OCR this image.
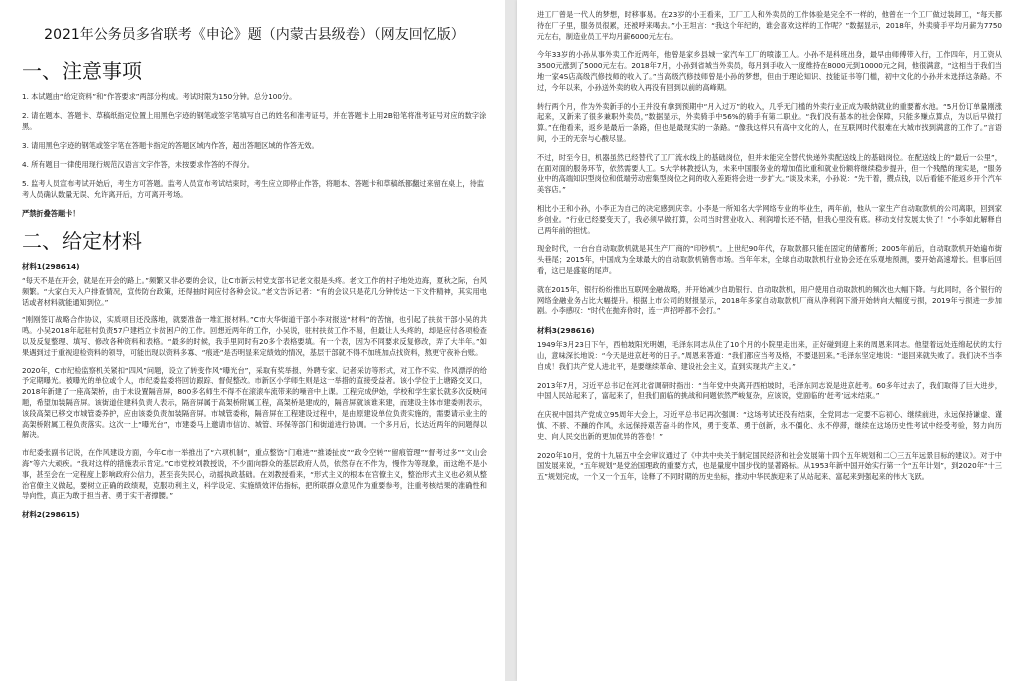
2021年公务员多省联考《申论》题（内蒙古县级卷）（网友回忆版）
一、注意事项

1. 本试题由“给定资料”和“作答要求”两部分构成。考试时限为150分钟。总分100分。

2. 请在题本、答题卡、草稿纸指定位置上用黑色字迹的钢笔或签字笔填写自己的姓名和准考证号，并在答题卡上用2B铅笔将准考证号对应的数字涂黑。

3. 请用黑色字迹的钢笔或签字笔在答题卡指定的答题区域内作答，超出答题区域的作答无效。

4. 所有题目一律使用现行规范汉语言文字作答，未按要求作答的不得分。

5. 监考人员宣布考试开始后，考生方可答题。监考人员宣布考试结束时，考生应立即停止作答，将题本、答题卡和草稿纸都翻过来留在桌上，待监考人员确认数量无误、允许离开后，方可离开考场。

严禁折叠答题卡！

二、给定材料
材料1(298614)

“每天不是在开会，就是在开会的路上。”频繁又非必要的会议，让C市新云村党支部书记老文很是头疼。老文工作的村子地处边海，夏秋之际，台风频繁。“大家白天入户排查情况，宣传防台政策，还得抽时间应付各种会议。”老文告诉记者：“有的会议只是花几分钟传达一下文件精神，其实用电话或者材料就能通知到位。”

“刚刚签订战略合作协议，实质项目还没落地，就要准备一堆汇报材料。”C市大华街道干部小李对报送“材料”的苦恼，也引起了扶贫干部小吴的共鸣。小吴2018年起驻村负责57户建档立卡贫困户的工作。回想近两年的工作，小吴说，驻村扶贫工作不易，但最让人头疼的，却是应付各项检查以及反复整理、填写、修改各种资料和表格。“最多的时候，我手里同时有20多个表格要填。有一个表，因为不同要求反复修改，弄了大半年。”如果遇到过于重视迎检资料的领导，可能出现以资料多寡、“痕迹”是否明显来定绩效的情况，基层干部就不得不加班加点找资料，熬更守夜补台账。

2020年，C市纪检监察机关紧扣“四风”问题，设立了转变作风“曝光台”，采取有奖举报、外聘专家、记者采访等形式，对工作不实、作风漂浮的给予定期曝光。被曝光的单位或个人，市纪委监委将回访跟踪、督促整改。市新区小学师生则是这一举措的直接受益者。该小学位于上塘路交叉口，2018年新建了一座高架桥，由于未设置隔音屏，800多名师生不得不在滚滚车流带来的噪音中上课。工程完成伊始，学校和学生家长就多次反映问题，希望加装隔音屏。该街道住建科负责人表示，隔音屏属于高架桥附属工程，高架桥是建成的，隔音屏就该谁来建，而建设主体市建委则表示，该段高架已移交市城管委养护，应由该委负责加装隔音屏。市城管委称，隔音屏在工程建设过程中，是由原建设单位负责实施的，需要请示业主的高架桥附属工程负责落实。这次一上“曝光台”，市建委马上邀请市信访、城管、环保等部门和街道进行协调。一个多月后，长达近两年的问题得以解决。

市纪委张副书记说，在作风建设方面，今年C市一举推出了“六项机制”，重点整饬“门难进”“推诿扯皮”“政令空转”“留痕管理”“督考过多”“文山会海”等六大顽疾。“我对这样的措施表示肯定。”C市党校刘教授说，不少面向群众的基层政府人员，依然存在不作为，慢作为等现象，而这绝不是小事，甚至会在一定程度上影响政府公信力，甚至丧失民心，动摇执政基础。在刘教授看来，“形式主义的根本在官僚主义，整治形式主义也必须从整治官僚主义做起，要树立正确的政绩观，克服功利主义，科学设定、实施绩效评估指标，把所联群众意见作为重要参考，注重考核结果的准确性和导向性，真正为敢于担当者、勇于实干者撑腰。”

材料2(298615)

进工厂曾是一代人的梦想，时移事易。在23岁的小王看来，工厂工人和外卖员的工作体验是完全不一样的，他曾在一个工厂做过装卸工，“每天都待在厂子里，服务员很累，还被呼来喝去。”小王坦言：“我这个年纪的，谁会喜欢这样的工作呢？”数据显示，2018年，外卖骑手平均月薪为7750元左右，制造业员工平均月薪6000元左右。

今年33岁的小孙从事外卖工作近两年，他曾是家乡县城一家汽车工厂的喷漆工人。小孙不是科班出身，最早由师傅带入行，工作四年，月工资从3500元涨到了5000元左右。2018年7月，小孙到省城当外卖员，每月到手收入一度维持在8000元到10000元之间，他很满意，“这相当于我们当地一家4S店高级汽修技师的收入了。”当高级汽修技师曾是小孙的梦想，但由于理论知识、技能证书等门槛，初中文化的小孙并未选择这条路。不过，今年以来，小孙送外卖的收入再没有回到以前的高峰期。

转行两个月，作为外卖新手的小王并没有拿到预期中“月入过万”的收入，几乎无门槛的外卖行业正成为吸纳就业的重要蓄水池。“5月份订单量刚涨起来，又新来了很多兼职外卖员，”数据显示，外卖骑手中56%的骑手有第二职业。“我们没有基本的社会保障，只能多赚点算点，为以后早做打算。”在他看来，返乡是最后一条路，但也是最现实的一条路。“像我这样只有高中文化的人，在互联网时代很难在大城市找到满意的工作了。”言语间，小王的无奈与心酸尽显。

不过，时至今日，机器虽然已经替代了工厂流水线上的基础岗位，但并未能完全替代快递外卖配送线上的基础岗位。在配送线上的“最后一公里”，在面对面的服务环节，依然需要人工。S大学林教授认为，未来中国服务业的增加值比重和就业份额将继续稳步提升，但一个残酷的现实是，“服务业中的高端知识型岗位和低端劳动密集型岗位之间的收入差距将会进一步扩大。”谈及未来，小孙说：“先干着，攒点钱，以后看能不能返乡开个汽车美容店。”

相比小王和小孙，小李正为自己的决定感到庆幸。小李是一所知名大学网络专业的毕业生，两年前，他从一家生产自动取款机的公司离职，回到家乡创业。“行业已经要变天了，我必须早做打算，公司当时营业收入、利润增长还不错，但我心里没有底。移动支付发展太快了！”小李如此解释自己两年前的担忧。

现金时代，一台台自动取款机就是其生产厂商的“印钞机”。上世纪90年代，存取款都只能在固定的储蓄所；2005年前后，自动取款机开始遍布街头巷尾；2015年，中国成为全球最大的自动取款机销售市场。当年年末，全球自动取款机行业协会还在乐观地预测，要开始高速增长。但事后回看，这已是盛宴的尾声。

就在2015年，银行纷纷推出互联网金融战略，并开始减少自助银行、自动取款机，用户使用自动取款机的频次也大幅下降。与此同时，各个银行的网络金融业务占比大幅提升。根据上市公司的财报显示，2018年多家自动取款机厂商从净利润下滑开始转向大幅度亏损，2019年亏损进一步加剧。小李感叹：“时代在抛弃你时，连一声招呼都不会打。”

材料3(298616)

1949年3月23日下午，西柏坡阳光明媚，毛泽东同志从住了10个月的小院里走出来，正好碰到迎上来的周恩来同志。他望着远处连绵起伏的太行山，意味深长地说：“今天是进京赶考的日子。”周恩来答道：“我们都应当考及格，不要退回来。”毛泽东坚定地说：“退回来就失败了。我们决不当李自成！我们共产党人进北平，是要继续革命、建设社会主义，直到实现共产主义。”

2013年7月，习近平总书记在河北省调研时指出：“当年党中央离开西柏坡时，毛泽东同志说是进京赶考。60多年过去了，我们取得了巨大进步，中国人民站起来了，富起来了，但我们面临的挑战和问题依然严峻复杂，应该说，党面临的‘赶考’远未结束。”

在庆祝中国共产党成立95周年大会上，习近平总书记再次强调：“这场考试还没有结束，全党同志一定要不忘初心、继续前进，永远保持谦虚、谨慎、不骄、不躁的作风，永远保持艰苦奋斗的作风，勇于变革、勇于创新，永不僵化、永不停滞，继续在这场历史性考试中经受考验，努力向历史、向人民交出新的更加优异的答卷！”

2020年10月，党的十九届五中全会审议通过了《中共中央关于制定国民经济和社会发展第十四个五年规划和二〇三五年远景目标的建议》。对于中国发展来说，“五年规划”是党治国理政的重要方式，也是量度中国步伐的显著路标。从1953年新中国开始实行第一个“五年计划”，到2020年“十三五”规划完成，一个又一个五年，诠释了不同时期的历史坐标，推动中华民族迎来了从站起来、富起来到强起来的伟大飞跃。
